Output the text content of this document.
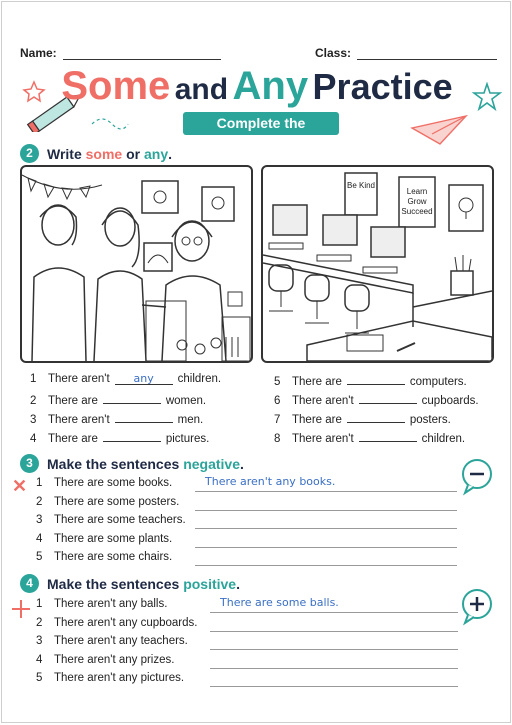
Name:	Class:
Some and Any Practice
Complete the sentences
2	Write
some
or
any .
Be Kind
Learn
Grow
Succeed
1	There aren't	any	children.
2	There are	women.
3	There aren't	men.
4	There are	pictures.
5	There are	computers.
6	There aren't	cupboards.
7	There are	posters.
8	There aren't	children.
3	Make the sentences
negative .
✕ 1	There are some books.	There aren't any books.
2	There are some posters.
3	There are some teachers.
4	There are some plants.
5	There are some chairs.
4	Make the sentences
positive .
1	There aren't any balls.	There are some balls.
2	There aren't any cupboards.
3	There aren't any teachers.
4	There aren't any prizes.
5	There aren't any pictures.
